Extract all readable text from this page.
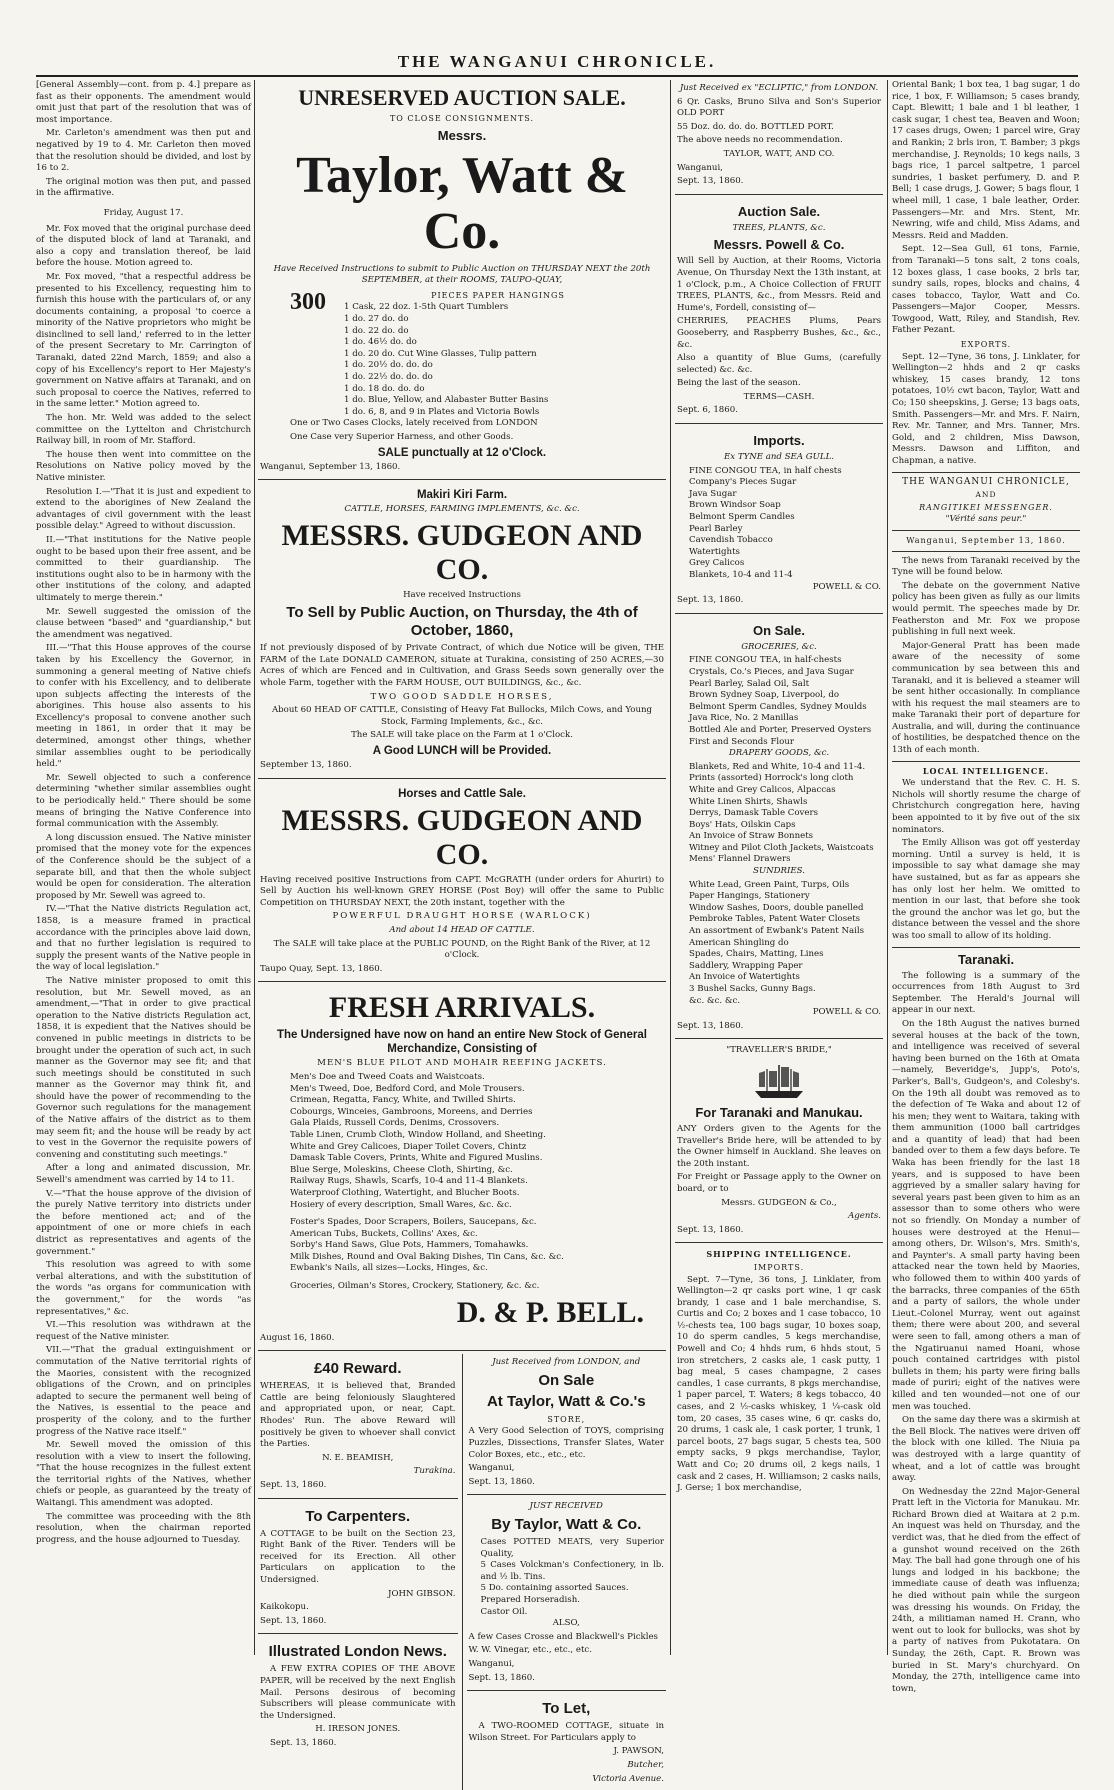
THE WANGANUI CHRONICLE.

[General Assembly—cont. from p. 4.] prepare as fast as their opponents. The amendment would omit just that part of the resolution that was of most importance.

Mr. Carleton's amendment was then put and negatived by 19 to 4. Mr. Carleton then moved that the resolution should be divided, and lost by 16 to 2.

The original motion was then put, and passed in the affirmative.

Friday, August 17.

Mr. Fox moved that the original purchase deed of the disputed block of land at Taranaki, and also a copy and translation thereof, be laid before the house. Motion agreed to.

Mr. Fox moved, "that a respectful address be presented to his Excellency, requesting him to furnish this house with the particulars of, or any documents containing, a proposal 'to coerce a minority of the Native proprietors who might be disinclined to sell land,' referred to in the letter of the present Secretary to Mr. Carrington of Taranaki, dated 22nd March, 1859; and also a copy of his Excellency's report to Her Majesty's government on Native affairs at Taranaki, and on such proposal to coerce the Natives, referred to in the same letter." Motion agreed to.

The hon. Mr. Weld was added to the select committee on the Lyttelton and Christchurch Railway bill, in room of Mr. Stafford.

The house then went into committee on the Resolutions on Native policy moved by the Native minister.

Resolution I.—"That it is just and expedient to extend to the aborigines of New Zealand the advantages of civil government with the least possible delay." Agreed to without discussion.

II.—"That institutions for the Native people ought to be based upon their free assent, and be committed to their guardianship. The institutions ought also to be in harmony with the other institutions of the colony, and adapted ultimately to merge therein."

Mr. Sewell suggested the omission of the clause between "based" and "guardianship," but the amendment was negatived.

III.—"That this House approves of the course taken by his Excellency the Governor, in summoning a general meeting of Native chiefs to confer with his Excellency, and to deliberate upon subjects affecting the interests of the aborigines. This house also assents to his Excellency's proposal to convene another such meeting in 1861, in order that it may be determined, amongst other things, whether similar assemblies ought to be periodically held."

Mr. Sewell objected to such a conference determining "whether similar assemblies ought to be periodically held." There should be some means of bringing the Native Conference into formal communication with the Assembly.

A long discussion ensued. The Native minister promised that the money vote for the expences of the Conference should be the subject of a separate bill, and that then the whole subject would be open for consideration. The alteration proposed by Mr. Sewell was agreed to.

IV.—"That the Native districts Regulation act, 1858, is a measure framed in practical accordance with the principles above laid down, and that no further legislation is required to supply the present wants of the Native people in the way of local legislation."

The Native minister proposed to omit this resolution, but Mr. Sewell moved, as an amendment,—"That in order to give practical operation to the Native districts Regulation act, 1858, it is expedient that the Natives should be convened in public meetings in districts to be brought under the operation of such act, in such manner as the Governor may see fit; and that such meetings should be constituted in such manner as the Governor may think fit, and should have the power of recommending to the Governor such regulations for the management of the Native affairs of the district as to them may seem fit; and the house will be ready by act to vest in the Governor the requisite powers of convening and constituting such meetings."

After a long and animated discussion, Mr. Sewell's amendment was carried by 14 to 11.

V.—"That the house approve of the division of the purely Native territory into districts under the before mentioned act; and of the appointment of one or more chiefs in each district as representatives and agents of the government."

This resolution was agreed to with some verbal alterations, and with the substitution of the words "as organs for communication with the government," for the words "as representatives," &c.

VI.—This resolution was withdrawn at the request of the Native minister.

VII.—"That the gradual extinguishment or commutation of the Native territorial rights of the Maories, consistent with the recognized obligations of the Crown, and on principles adapted to secure the permanent well being of the Natives, is essential to the peace and prosperity of the colony, and to the further progress of the Native race itself."

Mr. Sewell moved the omission of this resolution with a view to insert the following, "That the house recognizes in the fullest extent the territorial rights of the Natives, whether chiefs or people, as guaranteed by the treaty of Waitangi. This amendment was adopted.

The committee was proceeding with the 8th resolution, when the chairman reported progress, and the house adjourned to Tuesday.

UNRESERVED AUCTION SALE.

TO CLOSE CONSIGNMENTS.

Messrs.
Taylor, Watt & Co.

Have Received Instructions to submit to Public Auction on THURSDAY NEXT the 20th SEPTEMBER, at their ROOMS, TAUPO-QUAY,

300	PIECES PAPER HANGINGS

1 Cask, 22 doz. 1-5th Quart Tumblers
1 do. 27 do. do
1 do. 22 do. do
1 do. 46½ do. do
1 do. 20 do. Cut Wine Glasses, Tulip pattern
1 do. 20½ do. do. do
1 do. 22½ do. do. do
1 do. 18 do. do. do
1 do. Blue, Yellow, and Alabaster Butter Basins
1 do. 6, 8, and 9 in Plates and Victoria Bowls

One or Two Cases Clocks, lately received from LONDON

One Case very Superior Harness, and other Goods.

SALE punctually at 12 o'Clock.

Wanganui, September 13, 1860.

Makiri Kiri Farm.

CATTLE, HORSES, FARMING IMPLEMENTS, &c. &c.

MESSRS. GUDGEON AND CO.

Have received Instructions

To Sell by Public Auction, on Thursday, the 4th of October, 1860,

If not previously disposed of by Private Contract, of which due Notice will be given, THE FARM of the Late DONALD CAMERON, situate at Turakina, consisting of 250 ACRES,—30 Acres of which are Fenced and in Cultivation, and Grass Seeds sown generally over the whole Farm, together with the FARM HOUSE, OUT BUILDINGS, &c., &c.

TWO GOOD SADDLE HORSES,

About 60 HEAD OF CATTLE, Consisting of Heavy Fat Bullocks, Milch Cows, and Young Stock, Farming Implements, &c., &c.

The SALE will take place on the Farm at 1 o'Clock.

A Good LUNCH will be Provided.

September 13, 1860.

Horses and Cattle Sale.
MESSRS. GUDGEON AND CO.

Having received positive Instructions from CAPT. McGRATH (under orders for Ahuriri) to Sell by Auction his well-known GREY HORSE (Post Boy) will offer the same to Public Competition on THURSDAY NEXT, the 20th instant, together with the

POWERFUL DRAUGHT HORSE (WARLOCK)

And about 14 HEAD OF CATTLE.

The SALE will take place at the PUBLIC POUND, on the Right Bank of the River, at 12 o'Clock.

Taupo Quay, Sept. 13, 1860.

FRESH ARRIVALS.
The Undersigned have now on hand an entire New Stock of General Merchandize, Consisting of

MEN'S BLUE PILOT AND MOHAIR REEFING JACKETS.

Men's Doe and Tweed Coats and Waistcoats.
Men's Tweed, Doe, Bedford Cord, and Mole Trousers.
Crimean, Regatta, Fancy, White, and Twilled Shirts.
Cobourgs, Winceies, Gambroons, Moreens, and Derries
Gala Plaids, Russell Cords, Denims, Crossovers.
Table Linen, Crumb Cloth, Window Holland, and Sheeting.
White and Grey Calicoes, Diaper Toilet Covers, Chintz
Damask Table Covers, Prints, White and Figured Muslins.
Blue Serge, Moleskins, Cheese Cloth, Shirting, &c.
Railway Rugs, Shawls, Scarfs, 10-4 and 11-4 Blankets.
Waterproof Clothing, Watertight, and Blucher Boots.
Hosiery of every description, Small Wares, &c. &c.
Foster's Spades, Door Scrapers, Boilers, Saucepans, &c.
American Tubs, Buckets, Collins' Axes, &c.
Sorby's Hand Saws, Glue Pots, Hammers, Tomahawks.
Milk Dishes, Round and Oval Baking Dishes, Tin Cans, &c. &c.
Ewbank's Nails, all sizes—Locks, Hinges, &c.

Groceries, Oilman's Stores, Crockery, Stationery, &c. &c.

D. & P. BELL.

August 16, 1860.

£40 Reward.

WHEREAS, it is believed that, Branded Cattle are being feloniously Slaughtered and appropriated upon, or near, Capt. Rhodes' Run. The above Reward will positively be given to whoever shall convict the Parties.

N. E. BEAMISH,

Turakina.

Sept. 13, 1860.

To Carpenters.

A COTTAGE to be built on the Section 23, Right Bank of the River. Tenders will be received for its Erection. All other Particulars on application to the Undersigned.

JOHN GIBSON.

Kaikokopu.

Sept. 13, 1860.

Illustrated London News.

A FEW EXTRA COPIES OF THE ABOVE PAPER, will be received by the next English Mail. Persons desirous of becoming Subscribers will please communicate with the Undersigned.

H. IRESON JONES.

Sept. 13, 1860.

Just Received from LONDON, and

On Sale
At Taylor, Watt & Co.'s

STORE,

A Very Good Selection of TOYS, comprising Puzzles, Dissections, Transfer Slates, Water Color Boxes, etc., etc., etc.

Wanganui,

Sept. 13, 1860.

JUST RECEIVED

By Taylor, Watt & Co.
Cases POTTED MEATS, very Superior Quality,
5 Cases Volckman's Confectionery, in lb. and ½ lb. Tins.
5 Do. containing assorted Sauces.
Prepared Horseradish.
Castor Oil.

ALSO,

A few Cases Crosse and Blackwell's Pickles

W. W. Vinegar, etc., etc., etc.

Wanganui,

Sept. 13, 1860.

To Let,

A TWO-ROOMED COTTAGE, situate in Wilson Street. For Particulars apply to

J. PAWSON,

Butcher,

Victoria Avenue.

Just Received ex "ECLIPTIC," from LONDON.

6 Qr. Casks, Bruno Silva and Son's Superior OLD PORT

55 Doz. do. do. do. BOTTLED PORT.

The above needs no recommendation.

TAYLOR, WATT, AND CO.

Wanganui,

Sept. 13, 1860.

Auction Sale.

TREES, PLANTS, &c.

Messrs. Powell & Co.

Will Sell by Auction, at their Rooms, Victoria Avenue, On Thursday Next the 13th instant, at 1 o'Clock, p.m., A Choice Collection of FRUIT TREES, PLANTS, &c., from Messrs. Reid and Hume's, Fordell, consisting of—

CHERRIES, PEACHES Plums, Pears Gooseberry, and Raspberry Bushes, &c., &c., &c.

Also a quantity of Blue Gums, (carefully selected) &c. &c.

Being the last of the season.

TERMS—CASH.

Sept. 6, 1860.

Imports.

Ex TYNE and SEA GULL.

FINE CONGOU TEA, in half chests
Company's Pieces Sugar
Java Sugar
Brown Windsor Soap
Belmont Sperm Candles
Pearl Barley
Cavendish Tobacco
Watertights
Grey Calicos
Blankets, 10-4 and 11-4

POWELL & CO.

Sept. 13, 1860.

On Sale.

GROCERIES, &c.

FINE CONGOU TEA, in half-chests
Crystals, Co.'s Pieces, and Java Sugar
Pearl Barley, Salad Oil, Salt
Brown Sydney Soap, Liverpool, do
Belmont Sperm Candles, Sydney Moulds
Java Rice, No. 2 Manillas
Bottled Ale and Porter, Preserved Oysters
First and Seconds Flour

DRAPERY GOODS, &c.

Blankets, Red and White, 10-4 and 11-4.
Prints (assorted) Horrock's long cloth
White and Grey Calicos, Alpaccas
White Linen Shirts, Shawls
Derrys, Damask Table Covers
Boys' Hats, Oilskin Caps
An Invoice of Straw Bonnets
Witney and Pilot Cloth Jackets, Waistcoats
Mens' Flannel Drawers

SUNDRIES.

White Lead, Green Paint, Turps, Oils
Paper Hangings, Stationery
Window Sashes, Doors, double panelled
Pembroke Tables, Patent Water Closets
An assortment of Ewbank's Patent Nails
American Shingling do
Spades, Chairs, Matting, Lines
Saddlery, Wrapping Paper
An Invoice of Watertights
3 Bushel Sacks, Gunny Bags.
&c. &c. &c.

POWELL & CO.

Sept. 13, 1860.

"TRAVELLER'S BRIDE,"

For Taranaki and Manukau.

ANY Orders given to the Agents for the Traveller's Bride here, will be attended to by the Owner himself in Auckland. She leaves on the 20th instant.

For Freight or Passage apply to the Owner on board, or to

Messrs. GUDGEON & Co.,

Agents.

Sept. 13, 1860.

SHIPPING INTELLIGENCE.

IMPORTS.

Sept. 7—Tyne, 36 tons, J. Linklater, from Wellington—2 qr casks port wine, 1 qr cask brandy, 1 case and 1 bale merchandise, S. Curtis and Co; 2 boxes and 1 case tobacco, 10 ½-chests tea, 100 bags sugar, 10 boxes soap, 10 do sperm candles, 5 kegs merchandise, Powell and Co; 4 hhds rum, 6 hhds stout, 5 iron stretchers, 2 casks ale, 1 cask putty, 1 bag meal, 5 cases champagne, 2 cases candles, 1 case currants, 8 pkgs merchandise, 1 paper parcel, T. Waters; 8 kegs tobacco, 40 cases, and 2 ½-casks whiskey, 1 ¼-cask old tom, 20 cases, 35 cases wine, 6 qr. casks do, 20 drums, 1 cask ale, 1 cask porter, 1 trunk, 1 parcel boots, 27 bags sugar, 5 chests tea, 500 empty sacks, 9 pkgs merchandise, Taylor, Watt and Co; 20 drums oil, 2 kegs nails, 1 cask and 2 cases, H. Williamson; 2 casks nails, J. Gerse; 1 box merchandise,

Oriental Bank; 1 box tea, 1 bag sugar, 1 do rice, 1 box, F. Williamson; 5 cases brandy, Capt. Blewitt; 1 bale and 1 bl leather, 1 cask sugar, 1 chest tea, Beaven and Woon; 17 cases drugs, Owen; 1 parcel wire, Gray and Rankin; 2 brls iron, T. Bamber; 3 pkgs merchandise, J. Reynolds; 10 kegs nails, 3 bags rice, 1 parcel saltpetre, 1 parcel sundries, 1 basket perfumery, D. and P. Bell; 1 case drugs, J. Gower; 5 bags flour, 1 wheel mill, 1 case, 1 bale leather, Order. Passengers—Mr. and Mrs. Stent, Mr. Newring, wife and child, Miss Adams, and Messrs. Reid and Madden.

Sept. 12—Sea Gull, 61 tons, Farnie, from Taranaki—5 tons salt, 2 tons coals, 12 boxes glass, 1 case books, 2 brls tar, sundry sails, ropes, blocks and chains, 4 cases tobacco, Taylor, Watt and Co. Passengers—Major Cooper, Messrs. Towgood, Watt, Riley, and Standish, Rev. Father Pezant.

EXPORTS.

Sept. 12—Tyne, 36 tons, J. Linklater, for Wellington—2 hhds and 2 qr casks whiskey, 15 cases brandy, 12 tons potatoes, 10½ cwt bacon, Taylor, Watt and Co; 150 sheepskins, J. Gerse; 13 bags oats, Smith. Passengers—Mr. and Mrs. F. Nairn, Rev. Mr. Tanner, and Mrs. Tanner, Mrs. Gold, and 2 children, Miss Dawson, Messrs. Dawson and Liffiton, and Chapman, a native.

THE WANGANUI CHRONICLE,

AND

RANGITIKEI MESSENGER.

"Vérité sans peur."

Wanganui, September 13, 1860.

The news from Taranaki received by the Tyne will be found below.

The debate on the government Native policy has been given as fully as our limits would permit. The speeches made by Dr. Featherston and Mr. Fox we propose publishing in full next week.

Major-General Pratt has been made aware of the necessity of some communication by sea between this and Taranaki, and it is believed a steamer will be sent hither occasionally. In compliance with his request the mail steamers are to make Taranaki their port of departure for Australia, and will, during the continuance of hostilities, be despatched thence on the 13th of each month.

LOCAL INTELLIGENCE.

We understand that the Rev. C. H. S. Nichols will shortly resume the charge of Christchurch congregation here, having been appointed to it by five out of the six nominators.

The Emily Allison was got off yesterday morning. Until a survey is held, it is impossible to say what damage she may have sustained, but as far as appears she has only lost her helm. We omitted to mention in our last, that before she took the ground the anchor was let go, but the distance between the vessel and the shore was too small to allow of its holding.

Taranaki.

The following is a summary of the occurrences from 18th August to 3rd September. The Herald's Journal will appear in our next.

On the 18th August the natives burned several houses at the back of the town, and intelligence was received of several having been burned on the 16th at Omata—namely, Beveridge's, Jupp's, Poto's, Parker's, Ball's, Gudgeon's, and Colesby's. On the 19th all doubt was removed as to the defection of Te Waka and about 12 of his men; they went to Waitara, taking with them ammunition (1000 ball cartridges and a quantity of lead) that had been banded over to them a few days before. Te Waka has been friendly for the last 18 years, and is supposed to have been aggrieved by a smaller salary having for several years past been given to him as an assessor than to some others who were not so friendly. On Monday a number of houses were destroyed at the Henui—among others, Dr. Wilson's, Mrs. Smith's, and Paynter's. A small party having been attacked near the town held by Maories, who followed them to within 400 yards of the barracks, three companies of the 65th and a party of sailors, the whole under Lieut.-Colonel Murray, went out against them; there were about 200, and several were seen to fall, among others a man of the Ngatiruanui named Hoani, whose pouch contained cartridges with pistol bullets in them; his party were firing balls made of puriri; eight of the natives were killed and ten wounded—not one of our men was touched.

On the same day there was a skirmish at the Bell Block. The natives were driven off the block with one killed. The Niuia pa was destroyed with a large quantity of wheat, and a lot of cattle was brought away.

On Wednesday the 22nd Major-General Pratt left in the Victoria for Manukau. Mr. Richard Brown died at Waitara at 2 p.m. An inquest was held on Thursday, and the verdict was, that he died from the effect of a gunshot wound received on the 26th May. The ball had gone through one of his lungs and lodged in his backbone; the immediate cause of death was influenza; he died without pain while the surgeon was dressing his wounds. On Friday, the 24th, a militiaman named H. Crann, who went out to look for bullocks, was shot by a party of natives from Pukotatara. On Sunday, the 26th, Capt. R. Brown was buried in St. Mary's churchyard. On Monday, the 27th, intelligence came into town,
